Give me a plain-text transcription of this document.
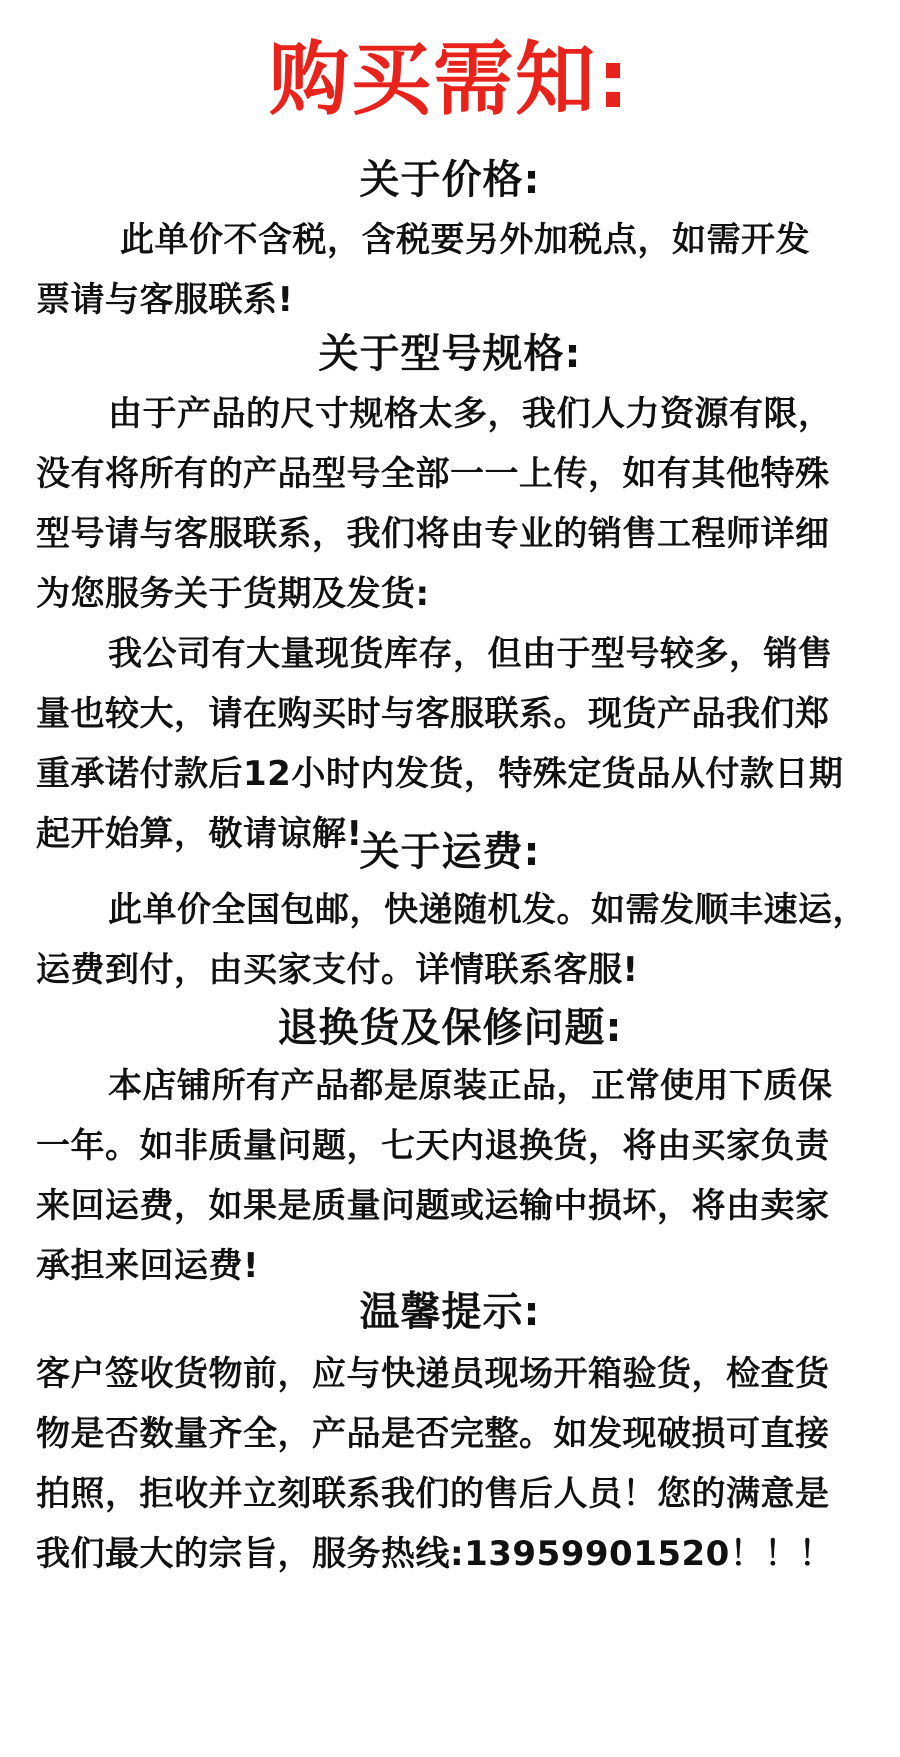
购买需知:
关于价格:
此单价不含税，含税要另外加税点，如需开发
票请与客服联系!
关于型号规格:
由于产品的尺寸规格太多，我们人力资源有限，
没有将所有的产品型号全部一一上传，如有其他特殊
型号请与客服联系，我们将由专业的销售工程师详细
为您服务关于货期及发货:
我公司有大量现货库存，但由于型号较多，销售
量也较大，请在购买时与客服联系。现货产品我们郑
重承诺付款后12小时内发货，特殊定货品从付款日期
起开始算，敬请谅解!
关于运费:
此单价全国包邮，快递随机发。如需发顺丰速运，
运费到付，由买家支付。详情联系客服!
退换货及保修问题:
本店铺所有产品都是原装正品，正常使用下质保
一年。如非质量问题，七天内退换货，将由买家负责
来回运费，如果是质量问题或运输中损坏，将由卖家
承担来回运费!
温馨提示:
客户签收货物前，应与快递员现场开箱验货，检查货
物是否数量齐全，产品是否完整。如发现破损可直接
拍照，拒收并立刻联系我们的售后人员！您的满意是
我们最大的宗旨，服务热线:13959901520！！！
